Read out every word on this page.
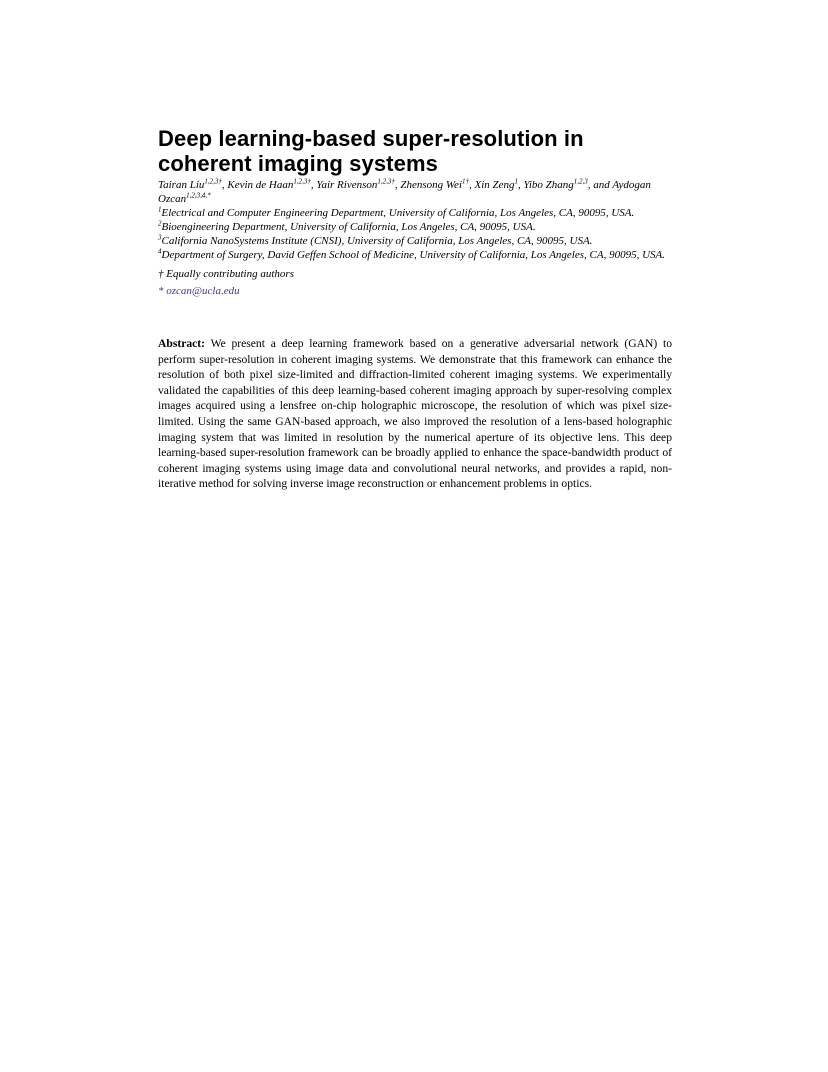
Deep learning-based super-resolution in coherent imaging systems
Tairan Liu$^{1,2,3\dagger}$, Kevin de Haan$^{1,2,3\dagger}$, Yair Rivenson$^{1,2,3\dagger}$, Zhensong Wei$^{1\dagger}$, Xin Zeng$^1$, Yibo Zhang$^{1,2,3}$, and Aydogan Ozcan$^{1,2,3,4,*}$
$^1$Electrical and Computer Engineering Department, University of California, Los Angeles, CA, 90095, USA.
$^2$Bioengineering Department, University of California, Los Angeles, CA, 90095, USA.
$^3$California NanoSystems Institute (CNSI), University of California, Los Angeles, CA, 90095, USA.
$^4$Department of Surgery, David Geffen School of Medicine, University of California, Los Angeles, CA, 90095, USA.
† Equally contributing authors
* ozcan@ucla.edu
Abstract: We present a deep learning framework based on a generative adversarial network (GAN) to perform super-resolution in coherent imaging systems. We demonstrate that this framework can enhance the resolution of both pixel size-limited and diffraction-limited coherent imaging systems. We experimentally validated the capabilities of this deep learning-based coherent imaging approach by super-resolving complex images acquired using a lensfree on-chip holographic microscope, the resolution of which was pixel size-limited. Using the same GAN-based approach, we also improved the resolution of a lens-based holographic imaging system that was limited in resolution by the numerical aperture of its objective lens. This deep learning-based super-resolution framework can be broadly applied to enhance the space-bandwidth product of coherent imaging systems using image data and convolutional neural networks, and provides a rapid, non-iterative method for solving inverse image reconstruction or enhancement problems in optics.
